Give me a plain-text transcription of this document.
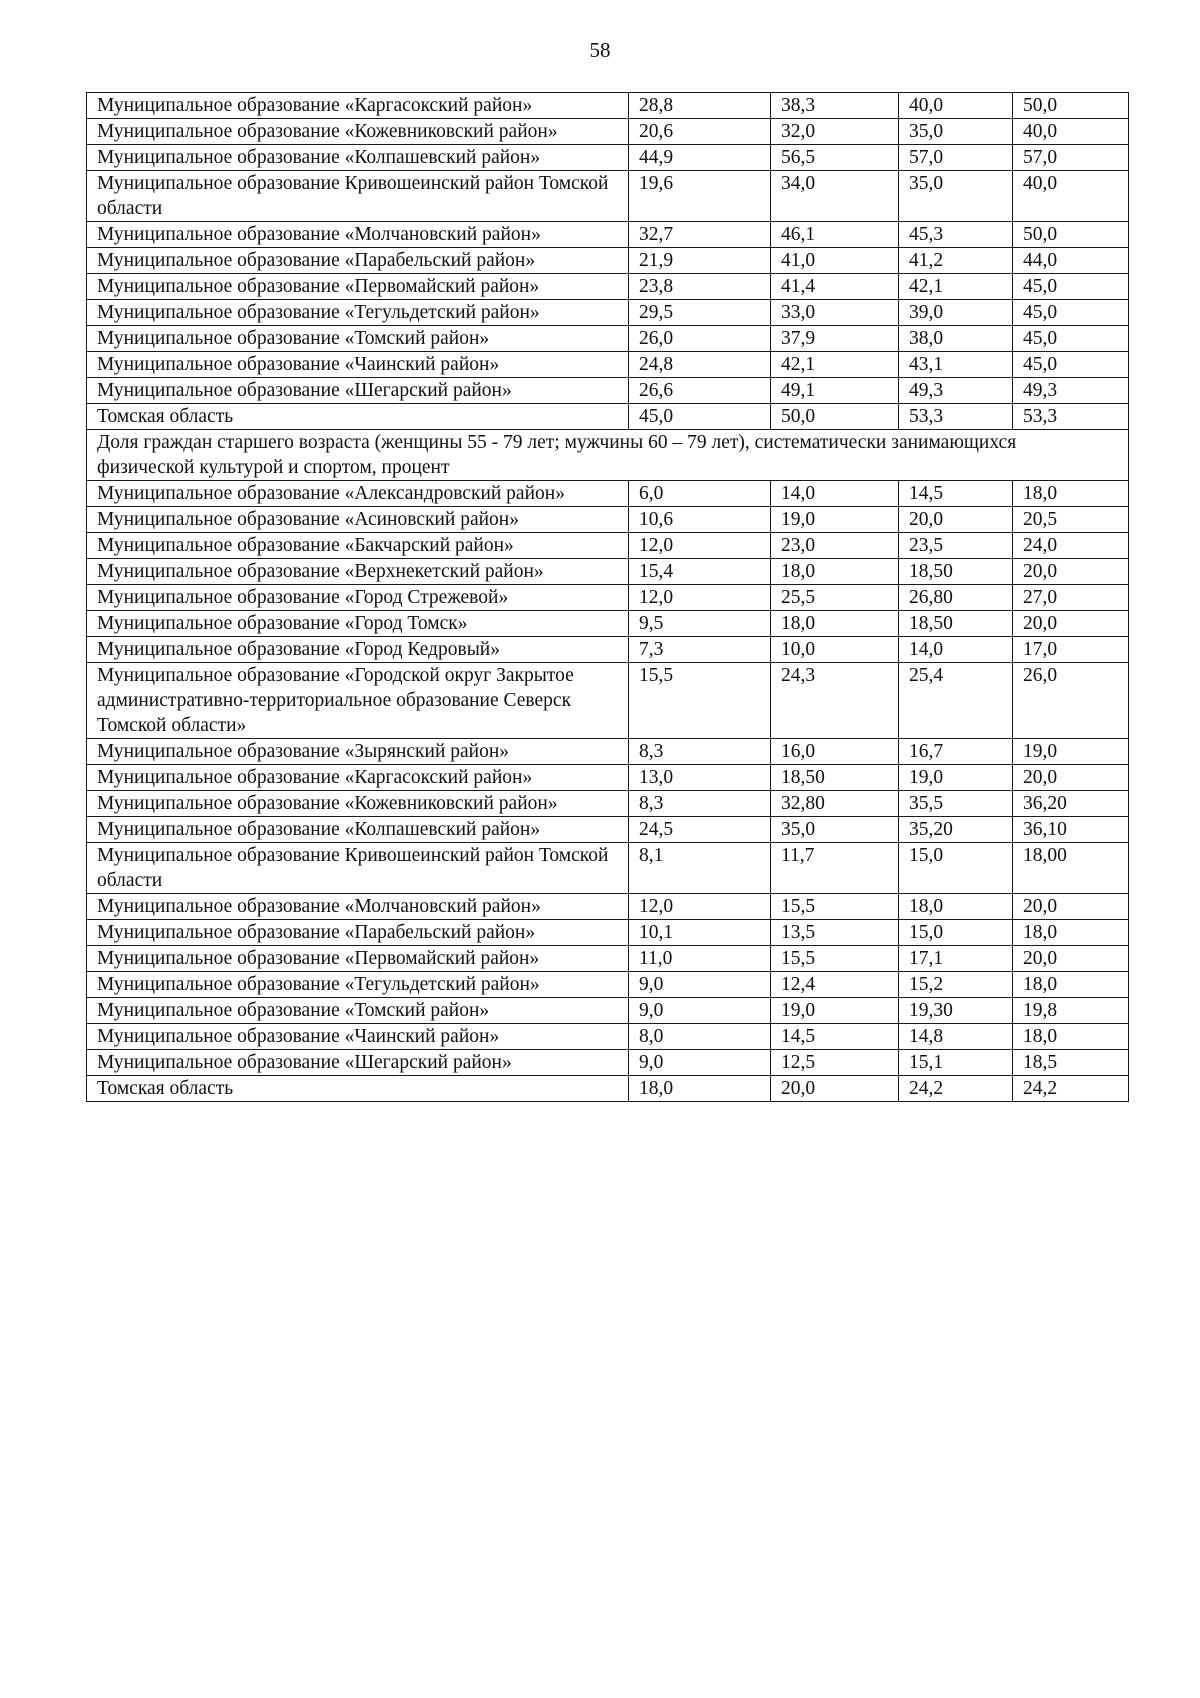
58
Муниципальное образование «Каргасокский район»	28,8	38,3	40,0	50,0
Муниципальное образование «Кожевниковский район»	20,6	32,0	35,0	40,0
Муниципальное образование «Колпашевский район»	44,9	56,5	57,0	57,0
Муниципальное образование Кривошеинский район Томской области	19,6	34,0	35,0	40,0
Муниципальное образование «Молчановский район»	32,7	46,1	45,3	50,0
Муниципальное образование «Парабельский район»	21,9	41,0	41,2	44,0
Муниципальное образование «Первомайский район»	23,8	41,4	42,1	45,0
Муниципальное образование «Тегульдетский район»	29,5	33,0	39,0	45,0
Муниципальное образование «Томский район»	26,0	37,9	38,0	45,0
Муниципальное образование «Чаинский район»	24,8	42,1	43,1	45,0
Муниципальное образование «Шегарский район»	26,6	49,1	49,3	49,3
Томская область	45,0	50,0	53,3	53,3
Доля граждан старшего возраста (женщины 55 - 79 лет; мужчины 60 – 79 лет), систематически занимающихся физической культурой и спортом, процент				
Муниципальное образование «Александровский район»	6,0	14,0	14,5	18,0
Муниципальное образование «Асиновский район»	10,6	19,0	20,0	20,5
Муниципальное образование «Бакчарский район»	12,0	23,0	23,5	24,0
Муниципальное образование «Верхнекетский район»	15,4	18,0	18,50	20,0
Муниципальное образование «Город Стрежевой»	12,0	25,5	26,80	27,0
Муниципальное образование «Город Томск»	9,5	18,0	18,50	20,0
Муниципальное образование «Город Кедровый»	7,3	10,0	14,0	17,0
Муниципальное образование «Городской округ Закрытое административно-территориальное образование Северск Томской области»	15,5	24,3	25,4	26,0
Муниципальное образование «Зырянский район»	8,3	16,0	16,7	19,0
Муниципальное образование «Каргасокский район»	13,0	18,50	19,0	20,0
Муниципальное образование «Кожевниковский район»	8,3	32,80	35,5	36,20
Муниципальное образование «Колпашевский район»	24,5	35,0	35,20	36,10
Муниципальное образование Кривошеинский район Томской области	8,1	11,7	15,0	18,00
Муниципальное образование «Молчановский район»	12,0	15,5	18,0	20,0
Муниципальное образование «Парабельский район»	10,1	13,5	15,0	18,0
Муниципальное образование «Первомайский район»	11,0	15,5	17,1	20,0
Муниципальное образование «Тегульдетский район»	9,0	12,4	15,2	18,0
Муниципальное образование «Томский район»	9,0	19,0	19,30	19,8
Муниципальное образование «Чаинский район»	8,0	14,5	14,8	18,0
Муниципальное образование «Шегарский район»	9,0	12,5	15,1	18,5
Томская область	18,0	20,0	24,2	24,2
